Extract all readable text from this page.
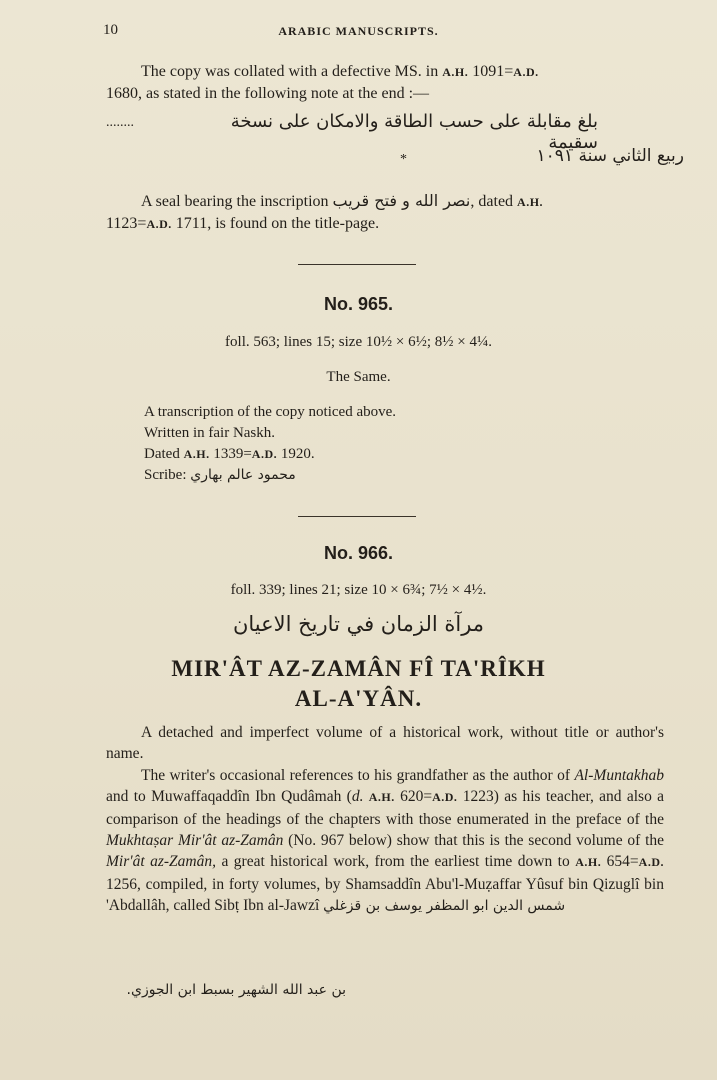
10	ARABIC MANUSCRIPTS.
The copy was collated with a defective MS. in A.H. 1091=A.D.
1680, as stated in the following note at the end :—
........	بلغ مقابلة على حسب الطاقة والامكان على نسخة سقيمة
*	ربيع الثاني سنة ١٠٩١
A seal bearing the inscription نصر الله و فتح قريب, dated A.H.
1123=A.D. 1711, is found on the title-page.
No. 965.
foll. 563; lines 15; size 10½ × 6½; 8½ × 4¼.
The Same.
A transcription of the copy noticed above.
Written in fair Naskh.
Dated A.H. 1339=A.D. 1920.
Scribe: محمود عالم بهاري
No. 966.
foll. 339; lines 21; size 10 × 6¾; 7½ × 4½.
مرآة الزمان في تاريخ الاعيان
MIR'ÂT AZ-ZAMÂN FÎ TA'RÎKH
AL-A'YÂN.

A detached and imperfect volume of a historical work, without title or author's name.

The writer's occasional references to his grandfather as the author of Al-Muntakhab and to Muwaffaqaddîn Ibn Qudâmah (d. A.H. 620=A.D. 1223) as his teacher, and also a comparison of the headings of the chapters with those enumerated in the preface of the Mukhtaṣar Mir'ât az-Zamân (No. 967 below) show that this is the second volume of the Mir'ât az-Zamân, a great historical work, from the earliest time down to A.H. 654=A.D. 1256, compiled, in forty volumes, by Shamsaddîn Abu'l-Muẓaffar Yûsuf bin Qizuglî bin 'Abdallâh, called Sibṭ Ibn al-Jawzî شمس الدين ابو المظفر يوسف بن قزغلي

بن عبد الله الشهير بسبط ابن الجوزي.
